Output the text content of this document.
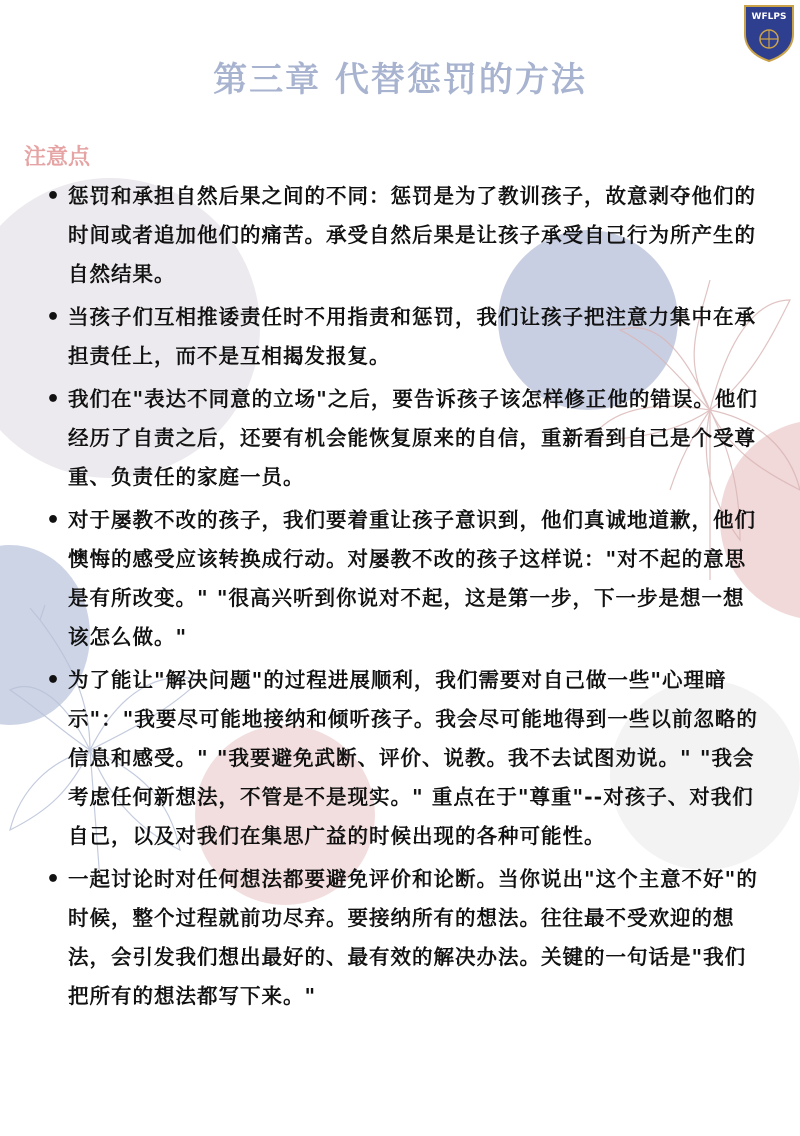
WFLPS
第三章 代替惩罚的方法
注意点
• 惩罚和承担自然后果之间的不同：惩罚是为了教训孩子，故意剥夺他们的时间或者追加他们的痛苦。承受自然后果是让孩子承受自己行为所产生的自然结果。
• 当孩子们互相推诿责任时不用指责和惩罚，我们让孩子把注意力集中在承担责任上，而不是互相揭发报复。
• 我们在"表达不同意的立场"之后，要告诉孩子该怎样修正他的错误。他们经历了自责之后，还要有机会能恢复原来的自信，重新看到自己是个受尊重、负责任的家庭一员。
• 对于屡教不改的孩子，我们要着重让孩子意识到，他们真诚地道歉，他们懊悔的感受应该转换成行动。对屡教不改的孩子这样说："对不起的意思是有所改变。" "很高兴听到你说对不起，这是第一步，下一步是想一想该怎么做。"
• 为了能让"解决问题"的过程进展顺利，我们需要对自己做一些"心理暗示"："我要尽可能地接纳和倾听孩子。我会尽可能地得到一些以前忽略的信息和感受。" "我要避免武断、评价、说教。我不去试图劝说。" "我会考虑任何新想法，不管是不是现实。" 重点在于"尊重"--对孩子、对我们自己，以及对我们在集思广益的时候出现的各种可能性。
• 一起讨论时对任何想法都要避免评价和论断。当你说出"这个主意不好"的时候，整个过程就前功尽弃。要接纳所有的想法。往往最不受欢迎的想法，会引发我们想出最好的、最有效的解决办法。关键的一句话是"我们把所有的想法都写下来。"
